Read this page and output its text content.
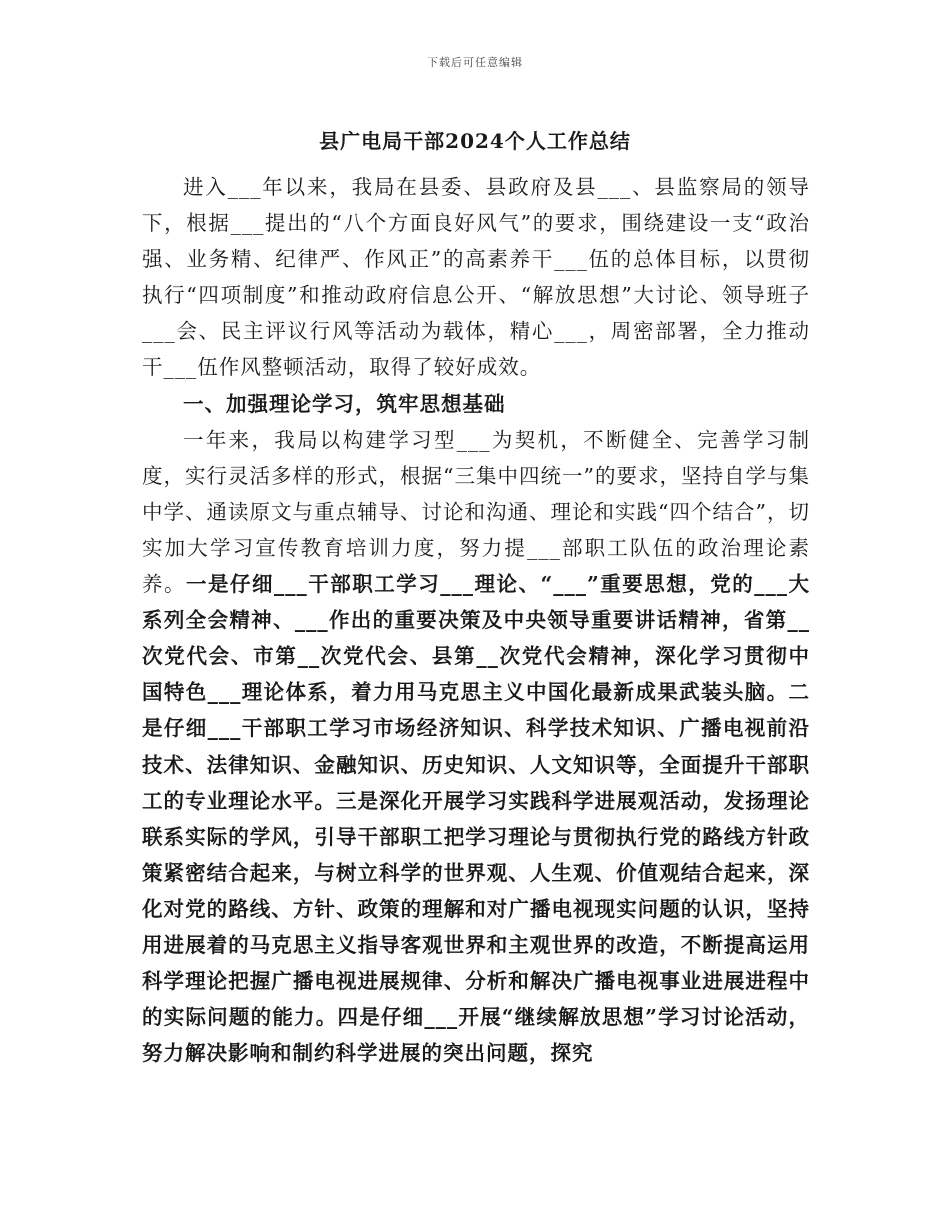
下载后可任意编辑
县广电局干部2024个人工作总结

进入___年以来，我局在县委、县政府及县___、县监察局的领导下，根据___提出的“八个方面良好风气”的要求，围绕建设一支“政治强、业务精、纪律严、作风正”的高素养干___伍的总体目标，以贯彻执行“四项制度”和推动政府信息公开、“解放思想”大讨论、领导班子___会、民主评议行风等活动为载体，精心___，周密部署，全力推动干___伍作风整顿活动，取得了较好成效。

一、加强理论学习，筑牢思想基础

一年来，我局以构建学习型___为契机，不断健全、完善学习制度，实行灵活多样的形式，根据“三集中四统一”的要求，坚持自学与集中学、通读原文与重点辅导、讨论和沟通、理论和实践“四个结合”，切实加大学习宣传教育培训力度，努力提___部职工队伍的政治理论素养。一是仔细___干部职工学习___理论、“___”重要思想，党的___大系列全会精神、___作出的重要决策及中央领导重要讲话精神，省第__次党代会、市第__次党代会、县第__次党代会精神，深化学习贯彻中国特色___理论体系，着力用马克思主义中国化最新成果武装头脑。二是仔细___干部职工学习市场经济知识、科学技术知识、广播电视前沿技术、法律知识、金融知识、历史知识、人文知识等，全面提升干部职工的专业理论水平。三是深化开展学习实践科学进展观活动，发扬理论联系实际的学风，引导干部职工把学习理论与贯彻执行党的路线方针政策紧密结合起来，与树立科学的世界观、人生观、价值观结合起来，深化对党的路线、方针、政策的理解和对广播电视现实问题的认识，坚持用进展着的马克思主义指导客观世界和主观世界的改造，不断提高运用科学理论把握广播电视进展规律、分析和解决广播电视事业进展进程中的实际问题的能力。四是仔细___开展“继续解放思想”学习讨论活动，努力解决影响和制约科学进展的突出问题，探究
